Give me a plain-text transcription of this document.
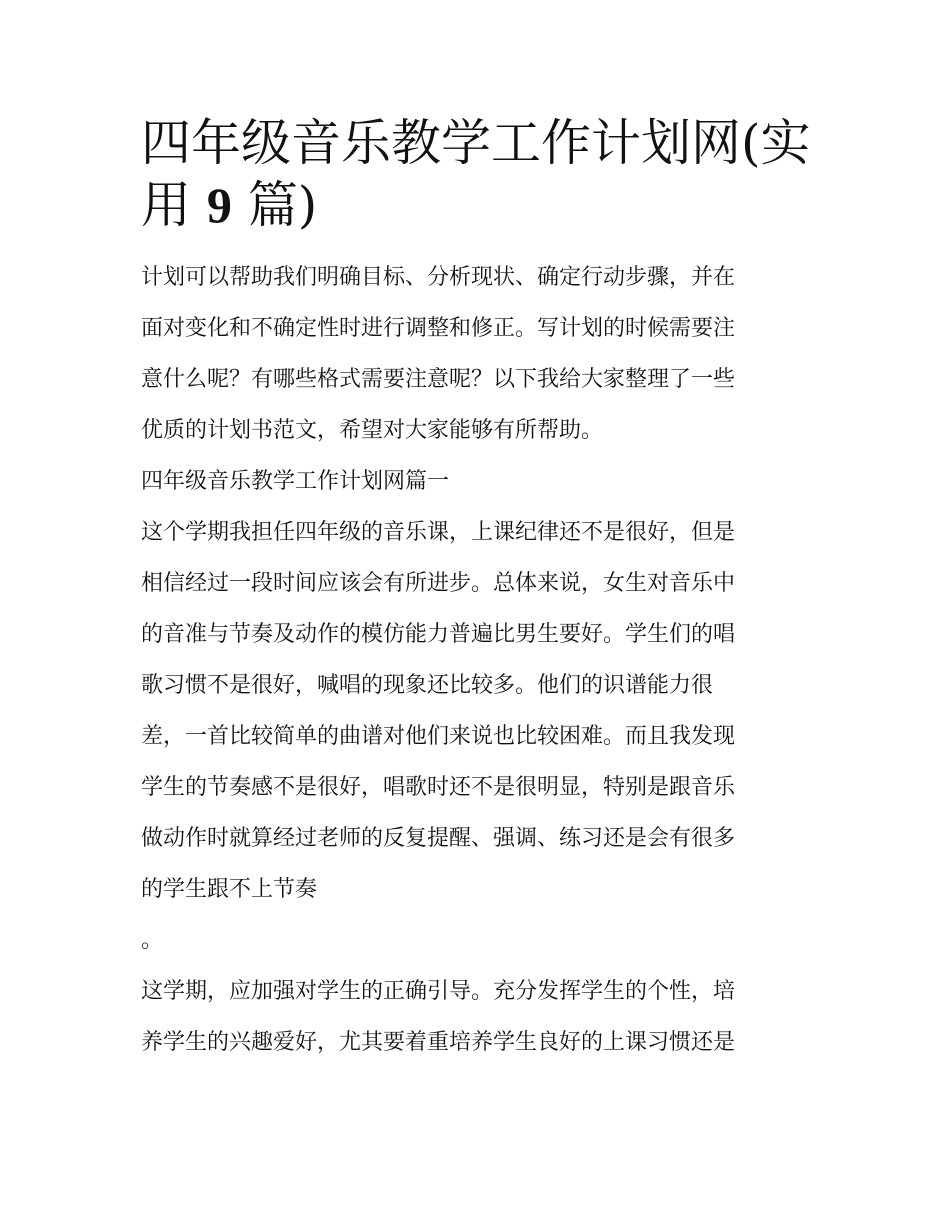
四年级音乐教学工作计划网(实
用 9 篇)
计划可以帮助我们明确目标、分析现状、确定行动步骤，并在
面对变化和不确定性时进行调整和修正。写计划的时候需要注
意什么呢？有哪些格式需要注意呢？以下我给大家整理了一些
优质的计划书范文，希望对大家能够有所帮助。
四年级音乐教学工作计划网篇一
这个学期我担任四年级的音乐课，上课纪律还不是很好，但是
相信经过一段时间应该会有所进步。总体来说，女生对音乐中
的音准与节奏及动作的模仿能力普遍比男生要好。学生们的唱
歌习惯不是很好，喊唱的现象还比较多。他们的识谱能力很
差，一首比较简单的曲谱对他们来说也比较困难。而且我发现
学生的节奏感不是很好，唱歌时还不是很明显，特别是跟音乐
做动作时就算经过老师的反复提醒、强调、练习还是会有很多
的学生跟不上节奏
。
这学期，应加强对学生的正确引导。充分发挥学生的个性，培
养学生的兴趣爱好，尤其要着重培养学生良好的上课习惯还是
